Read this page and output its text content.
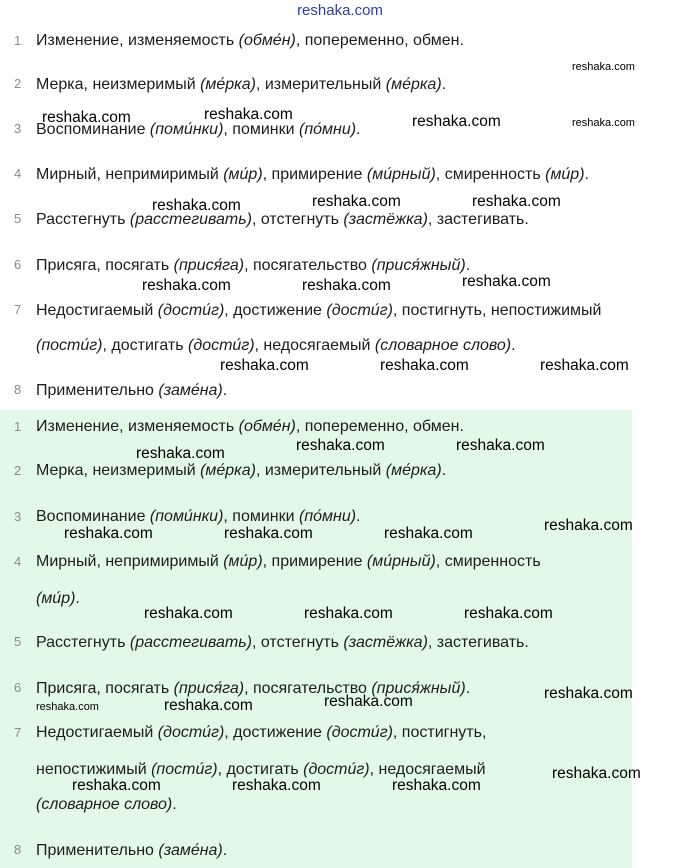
reshaka.com
1 Изменение, изменяемость (обме́н), попеременно, обмен.
2 Мерка, неизмеримый (ме́рка), измерительный (ме́рка).
3 Воспоминание (поми́нки), поминки (по́мни).
4 Мирный, непримиримый (ми́р), примирение (ми́рный), смиренность (ми́р).
5 Расстегнуть (расстегивать), отстегнуть (застёжка), застегивать.
6 Присяга, посягать (прися́га), посягательство (прися́жный).
7 Недостигаемый (дости́г), достижение (дости́г), постигнуть, непостижимый
(пости́г), достигать (дости́г), недосягаемый (словарное слово).
8 Применительно (заме́на).
1 Изменение, изменяемость (обме́н), попеременно, обмен.
2 Мерка, неизмеримый (ме́рка), измерительный (ме́рка).
3 Воспоминание (поми́нки), поминки (по́мни).
4 Мирный, непримиримый (ми́р), примирение (ми́рный), смиренность
(ми́р).
5 Расстегнуть (расстегивать), отстегнуть (застёжка), застегивать.
6 Присяга, посягать (прися́га), посягательство (прися́жный).
7 Недостигаемый (дости́г), достижение (дости́г), постигнуть,
непостижимый (пости́г), достигать (дости́г), недосягаемый
(словарное слово).
8 Применительно (заме́на).
reshaka.com
reshaka.com	reshaka.com	reshaka.com	reshaka.com
reshaka.com	reshaka.com	reshaka.com
reshaka.com	reshaka.com	reshaka.com
reshaka.com	reshaka.com	reshaka.com
reshaka.com	reshaka.com	reshaka.com
reshaka.com
reshaka.com	reshaka.com	reshaka.com
reshaka.com	reshaka.com	reshaka.com
reshaka.com
reshaka.com	reshaka.com	reshaka.com
reshaka.com
reshaka.com	reshaka.com	reshaka.com
